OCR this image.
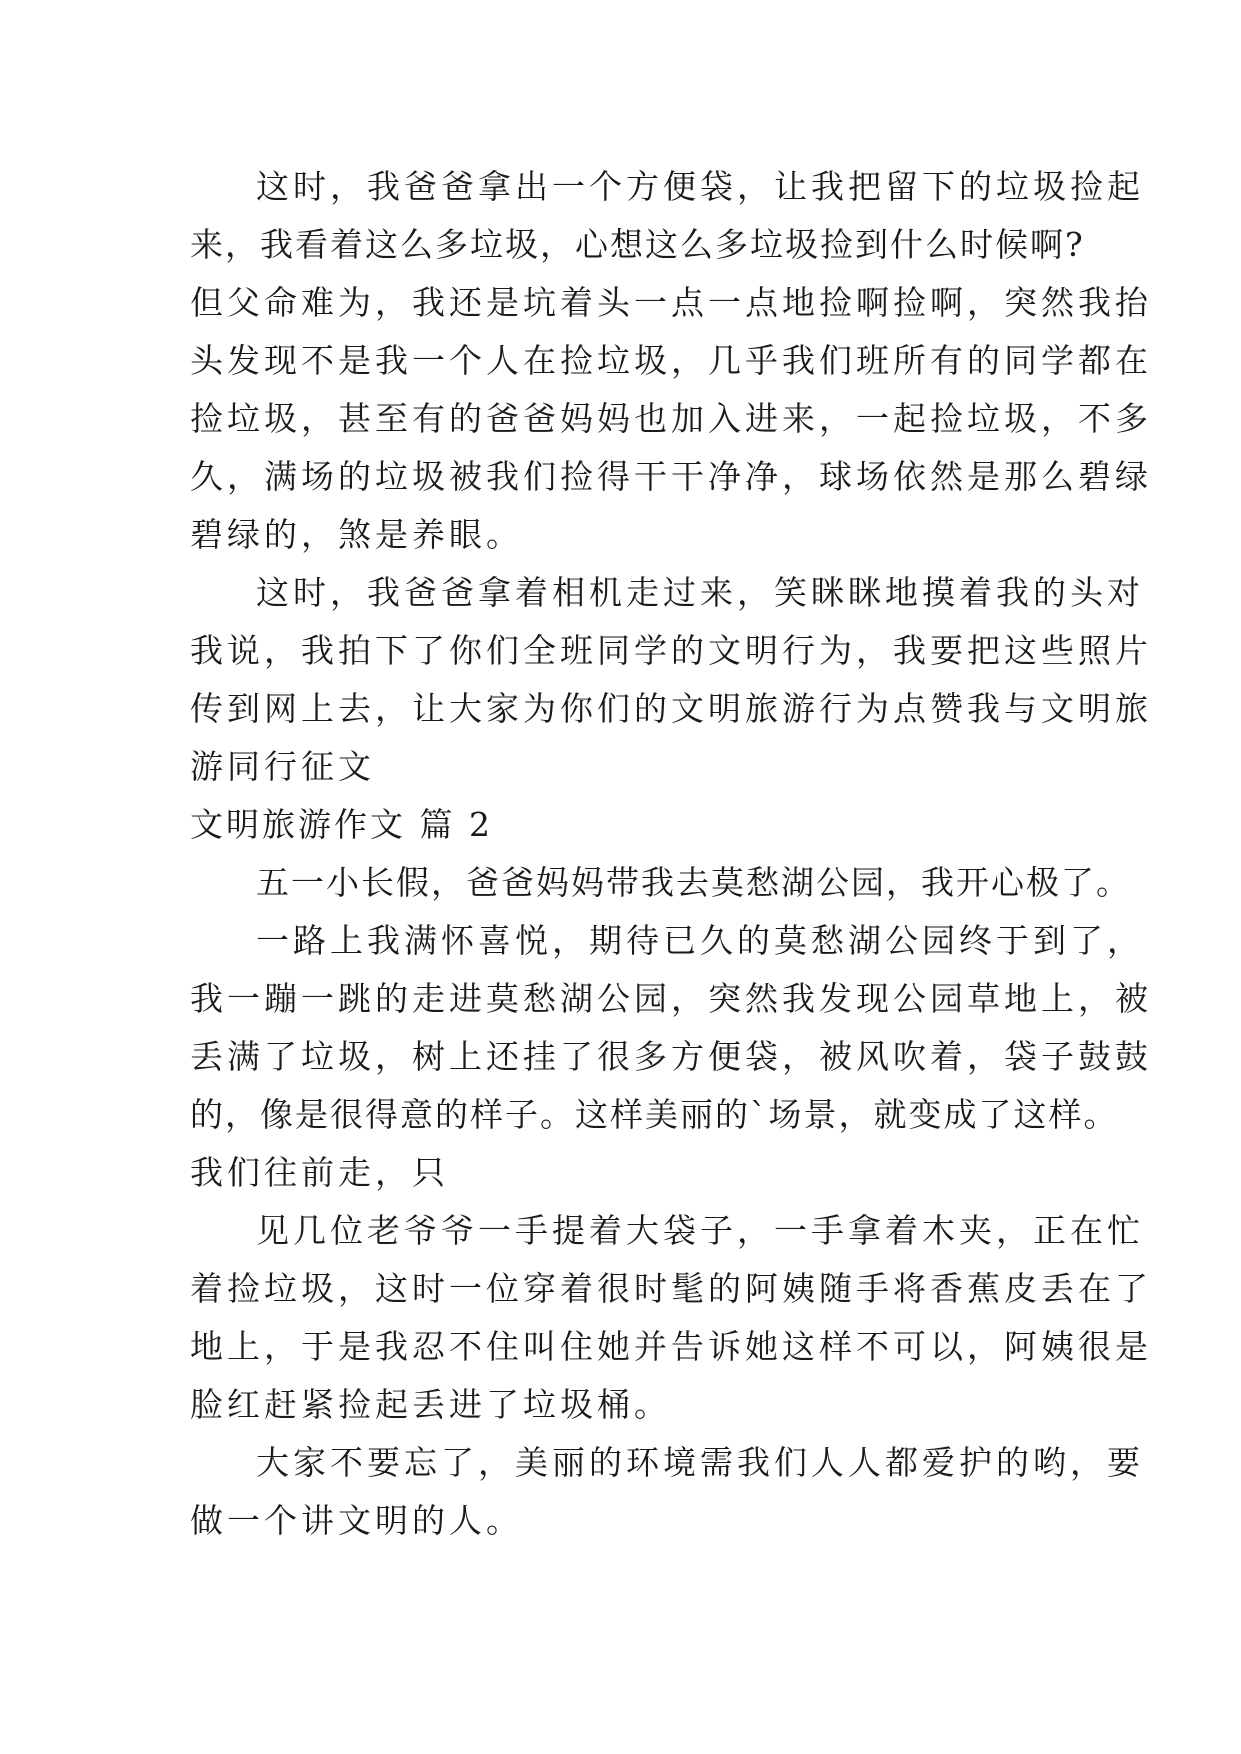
这时，我爸爸拿出一个方便袋，让我把留下的垃圾捡起
来，我看着这么多垃圾，心想这么多垃圾捡到什么时候啊?
但父命难为，我还是坑着头一点一点地捡啊捡啊，突然我抬
头发现不是我一个人在捡垃圾，几乎我们班所有的同学都在
捡垃圾，甚至有的爸爸妈妈也加入进来，一起捡垃圾，不多
久，满场的垃圾被我们捡得干干净净，球场依然是那么碧绿
碧绿的，煞是养眼。
这时，我爸爸拿着相机走过来，笑眯眯地摸着我的头对
我说，我拍下了你们全班同学的文明行为，我要把这些照片
传到网上去，让大家为你们的文明旅游行为点赞我与文明旅
游同行征文
文明旅游作文 篇 2
五一小长假，爸爸妈妈带我去莫愁湖公园，我开心极了。
一路上我满怀喜悦，期待已久的莫愁湖公园终于到了，
我一蹦一跳的走进莫愁湖公园，突然我发现公园草地上，被
丢满了垃圾，树上还挂了很多方便袋，被风吹着，袋子鼓鼓
的，像是很得意的样子。这样美丽的`场景，就变成了这样。
我们往前走，只
见几位老爷爷一手提着大袋子，一手拿着木夹，正在忙
着捡垃圾，这时一位穿着很时髦的阿姨随手将香蕉皮丢在了
地上，于是我忍不住叫住她并告诉她这样不可以，阿姨很是
脸红赶紧捡起丢进了垃圾桶。
大家不要忘了，美丽的环境需我们人人都爱护的哟，要
做一个讲文明的人。
